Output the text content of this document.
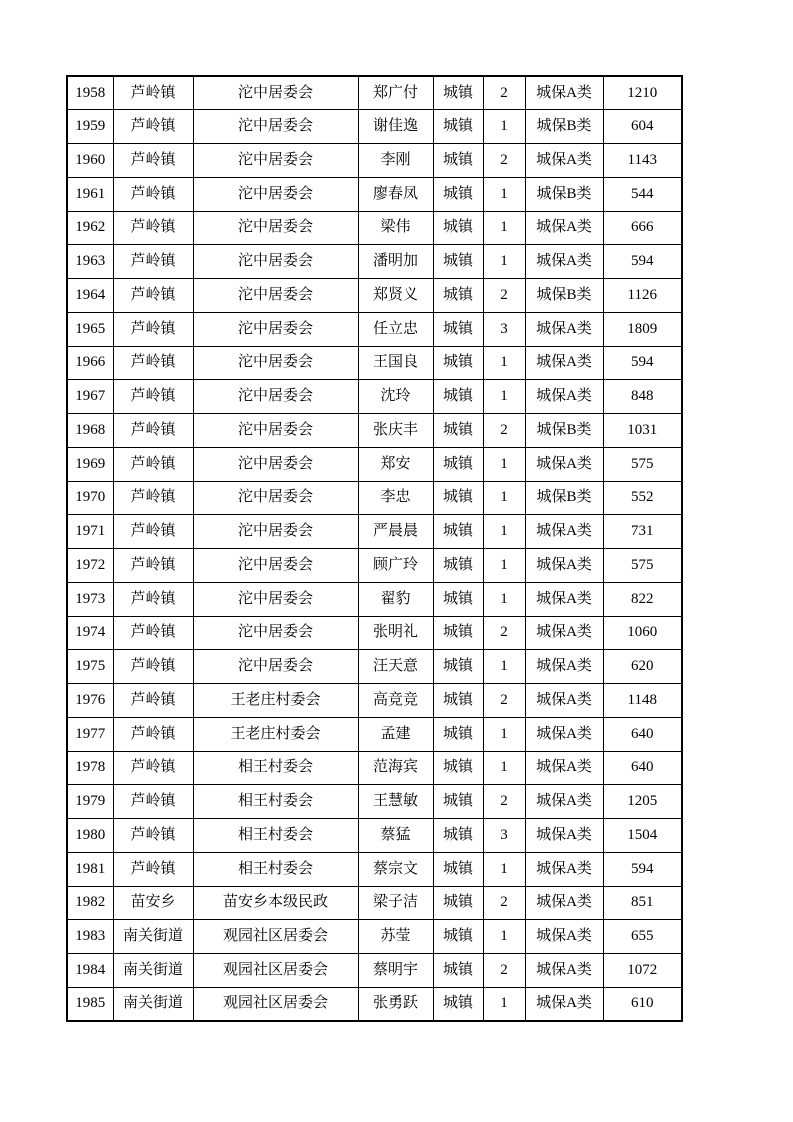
1958	芦岭镇	沱中居委会	郑广付	城镇	2	城保A类	1210
1959	芦岭镇	沱中居委会	谢佳逸	城镇	1	城保B类	604
1960	芦岭镇	沱中居委会	李刚	城镇	2	城保A类	1143
1961	芦岭镇	沱中居委会	廖春凤	城镇	1	城保B类	544
1962	芦岭镇	沱中居委会	梁伟	城镇	1	城保A类	666
1963	芦岭镇	沱中居委会	潘明加	城镇	1	城保A类	594
1964	芦岭镇	沱中居委会	郑贤义	城镇	2	城保B类	1126
1965	芦岭镇	沱中居委会	任立忠	城镇	3	城保A类	1809
1966	芦岭镇	沱中居委会	王国良	城镇	1	城保A类	594
1967	芦岭镇	沱中居委会	沈玲	城镇	1	城保A类	848
1968	芦岭镇	沱中居委会	张庆丰	城镇	2	城保B类	1031
1969	芦岭镇	沱中居委会	郑安	城镇	1	城保A类	575
1970	芦岭镇	沱中居委会	李忠	城镇	1	城保B类	552
1971	芦岭镇	沱中居委会	严晨晨	城镇	1	城保A类	731
1972	芦岭镇	沱中居委会	顾广玲	城镇	1	城保A类	575
1973	芦岭镇	沱中居委会	翟豹	城镇	1	城保A类	822
1974	芦岭镇	沱中居委会	张明礼	城镇	2	城保A类	1060
1975	芦岭镇	沱中居委会	汪天意	城镇	1	城保A类	620
1976	芦岭镇	王老庄村委会	高竞竞	城镇	2	城保A类	1148
1977	芦岭镇	王老庄村委会	孟建	城镇	1	城保A类	640
1978	芦岭镇	相王村委会	范海宾	城镇	1	城保A类	640
1979	芦岭镇	相王村委会	王慧敏	城镇	2	城保A类	1205
1980	芦岭镇	相王村委会	蔡猛	城镇	3	城保A类	1504
1981	芦岭镇	相王村委会	蔡宗文	城镇	1	城保A类	594
1982	苗安乡	苗安乡本级民政	梁子洁	城镇	2	城保A类	851
1983	南关街道	观园社区居委会	苏莹	城镇	1	城保A类	655
1984	南关街道	观园社区居委会	蔡明宇	城镇	2	城保A类	1072
1985	南关街道	观园社区居委会	张勇跃	城镇	1	城保A类	610
